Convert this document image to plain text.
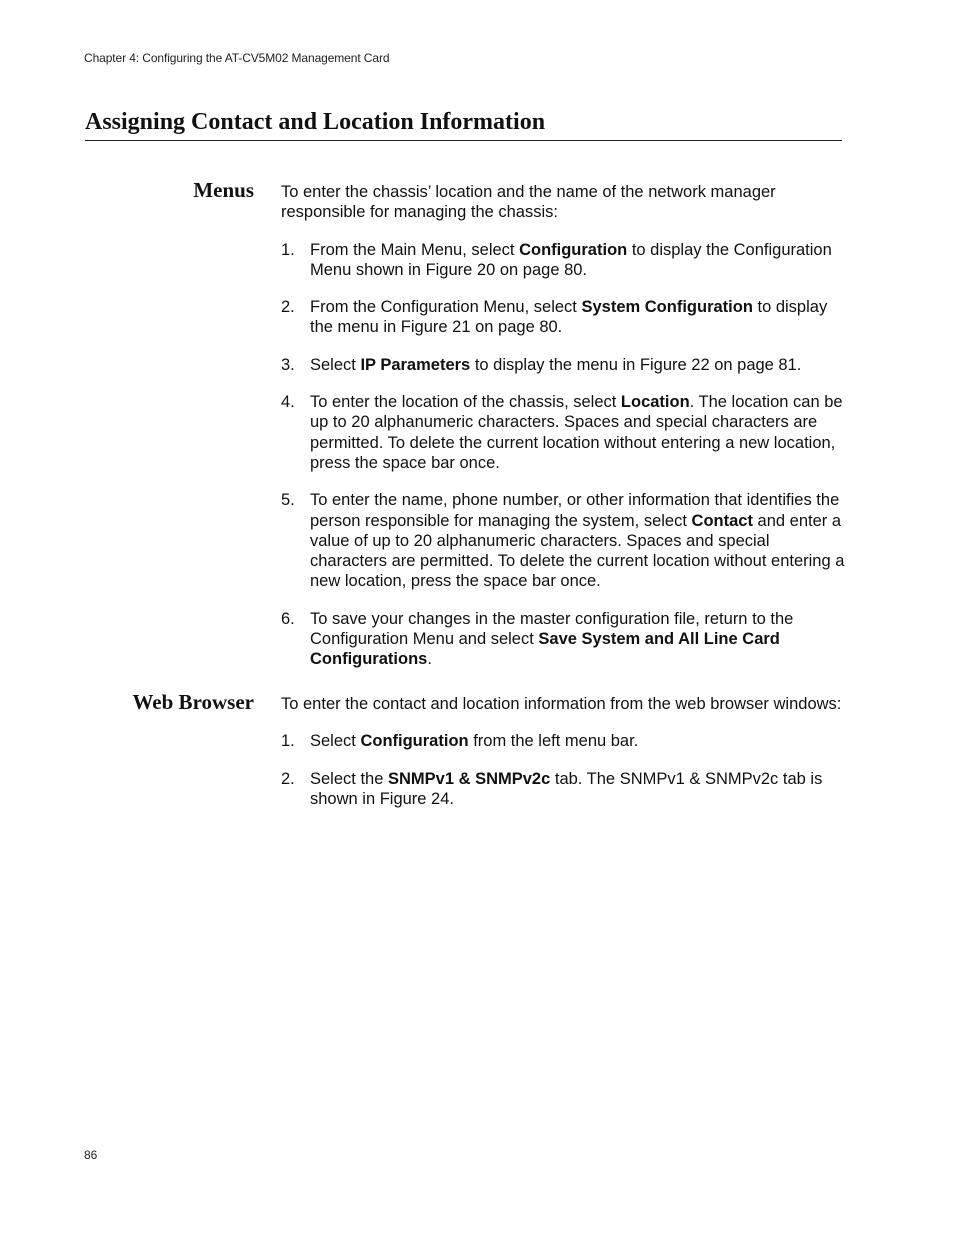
Chapter 4: Configuring the AT-CV5M02 Management Card
Assigning Contact and Location Information
Menus To enter the chassis’ location and the name of the network manager responsible for managing the chassis:

1. From the Main Menu, select Configuration to display the Configuration Menu shown in Figure 20 on page 80.
2. From the Configuration Menu, select System Configuration to display the menu in Figure 21 on page 80.
3. Select IP Parameters to display the menu in Figure 22 on page 81.
4. To enter the location of the chassis, select Location. The location can be up to 20 alphanumeric characters. Spaces and special characters are permitted. To delete the current location without entering a new location, press the space bar once.
5. To enter the name, phone number, or other information that identifies the person responsible for managing the system, select Contact and enter a value of up to 20 alphanumeric characters. Spaces and special characters are permitted. To delete the current location without entering a new location, press the space bar once.
6. To save your changes in the master configuration file, return to the Configuration Menu and select Save System and All Line Card Configurations.
Web Browser To enter the contact and location information from the web browser windows:

1. Select Configuration from the left menu bar.
2. Select the SNMPv1 & SNMPv2c tab. The SNMPv1 & SNMPv2c tab is shown in Figure 24.
86
